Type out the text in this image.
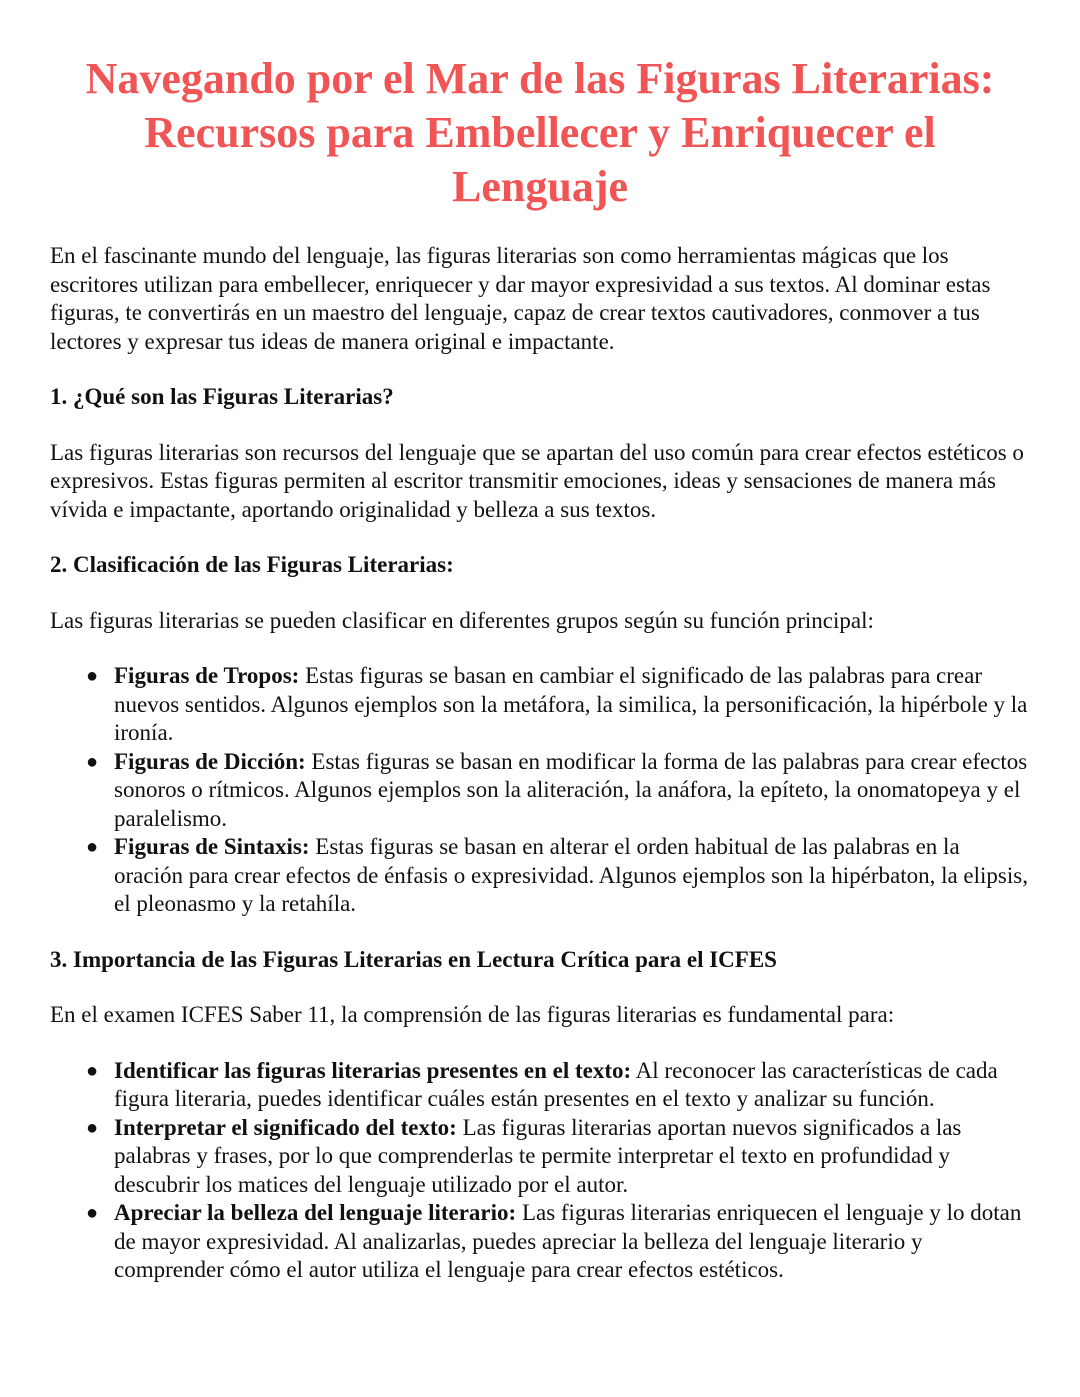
Navegando por el Mar de las Figuras Literarias: Recursos para Embellecer y Enriquecer el Lenguaje

En el fascinante mundo del lenguaje, las figuras literarias son como herramientas mágicas que los escritores utilizan para embellecer, enriquecer y dar mayor expresividad a sus textos. Al dominar estas figuras, te convertirás en un maestro del lenguaje, capaz de crear textos cautivadores, conmover a tus lectores y expresar tus ideas de manera original e impactante.

1. ¿Qué son las Figuras Literarias?

Las figuras literarias son recursos del lenguaje que se apartan del uso común para crear efectos estéticos o expresivos. Estas figuras permiten al escritor transmitir emociones, ideas y sensaciones de manera más vívida e impactante, aportando originalidad y belleza a sus textos.

2. Clasificación de las Figuras Literarias:

Las figuras literarias se pueden clasificar en diferentes grupos según su función principal:

● Figuras de Tropos: Estas figuras se basan en cambiar el significado de las palabras para crear nuevos sentidos. Algunos ejemplos son la metáfora, la similica, la personificación, la hipérbole y la ironía.
● Figuras de Dicción: Estas figuras se basan en modificar la forma de las palabras para crear efectos sonoros o rítmicos. Algunos ejemplos son la aliteración, la anáfora, la epíteto, la onomatopeya y el paralelismo.
● Figuras de Sintaxis: Estas figuras se basan en alterar el orden habitual de las palabras en la oración para crear efectos de énfasis o expresividad. Algunos ejemplos son la hipérbaton, la elipsis, el pleonasmo y la retahíla.
3. Importancia de las Figuras Literarias en Lectura Crítica para el ICFES

En el examen ICFES Saber 11, la comprensión de las figuras literarias es fundamental para:

● Identificar las figuras literarias presentes en el texto: Al reconocer las características de cada figura literaria, puedes identificar cuáles están presentes en el texto y analizar su función.
● Interpretar el significado del texto: Las figuras literarias aportan nuevos significados a las palabras y frases, por lo que comprenderlas te permite interpretar el texto en profundidad y descubrir los matices del lenguaje utilizado por el autor.
● Apreciar la belleza del lenguaje literario: Las figuras literarias enriquecen el lenguaje y lo dotan de mayor expresividad. Al analizarlas, puedes apreciar la belleza del lenguaje literario y comprender cómo el autor utiliza el lenguaje para crear efectos estéticos.
